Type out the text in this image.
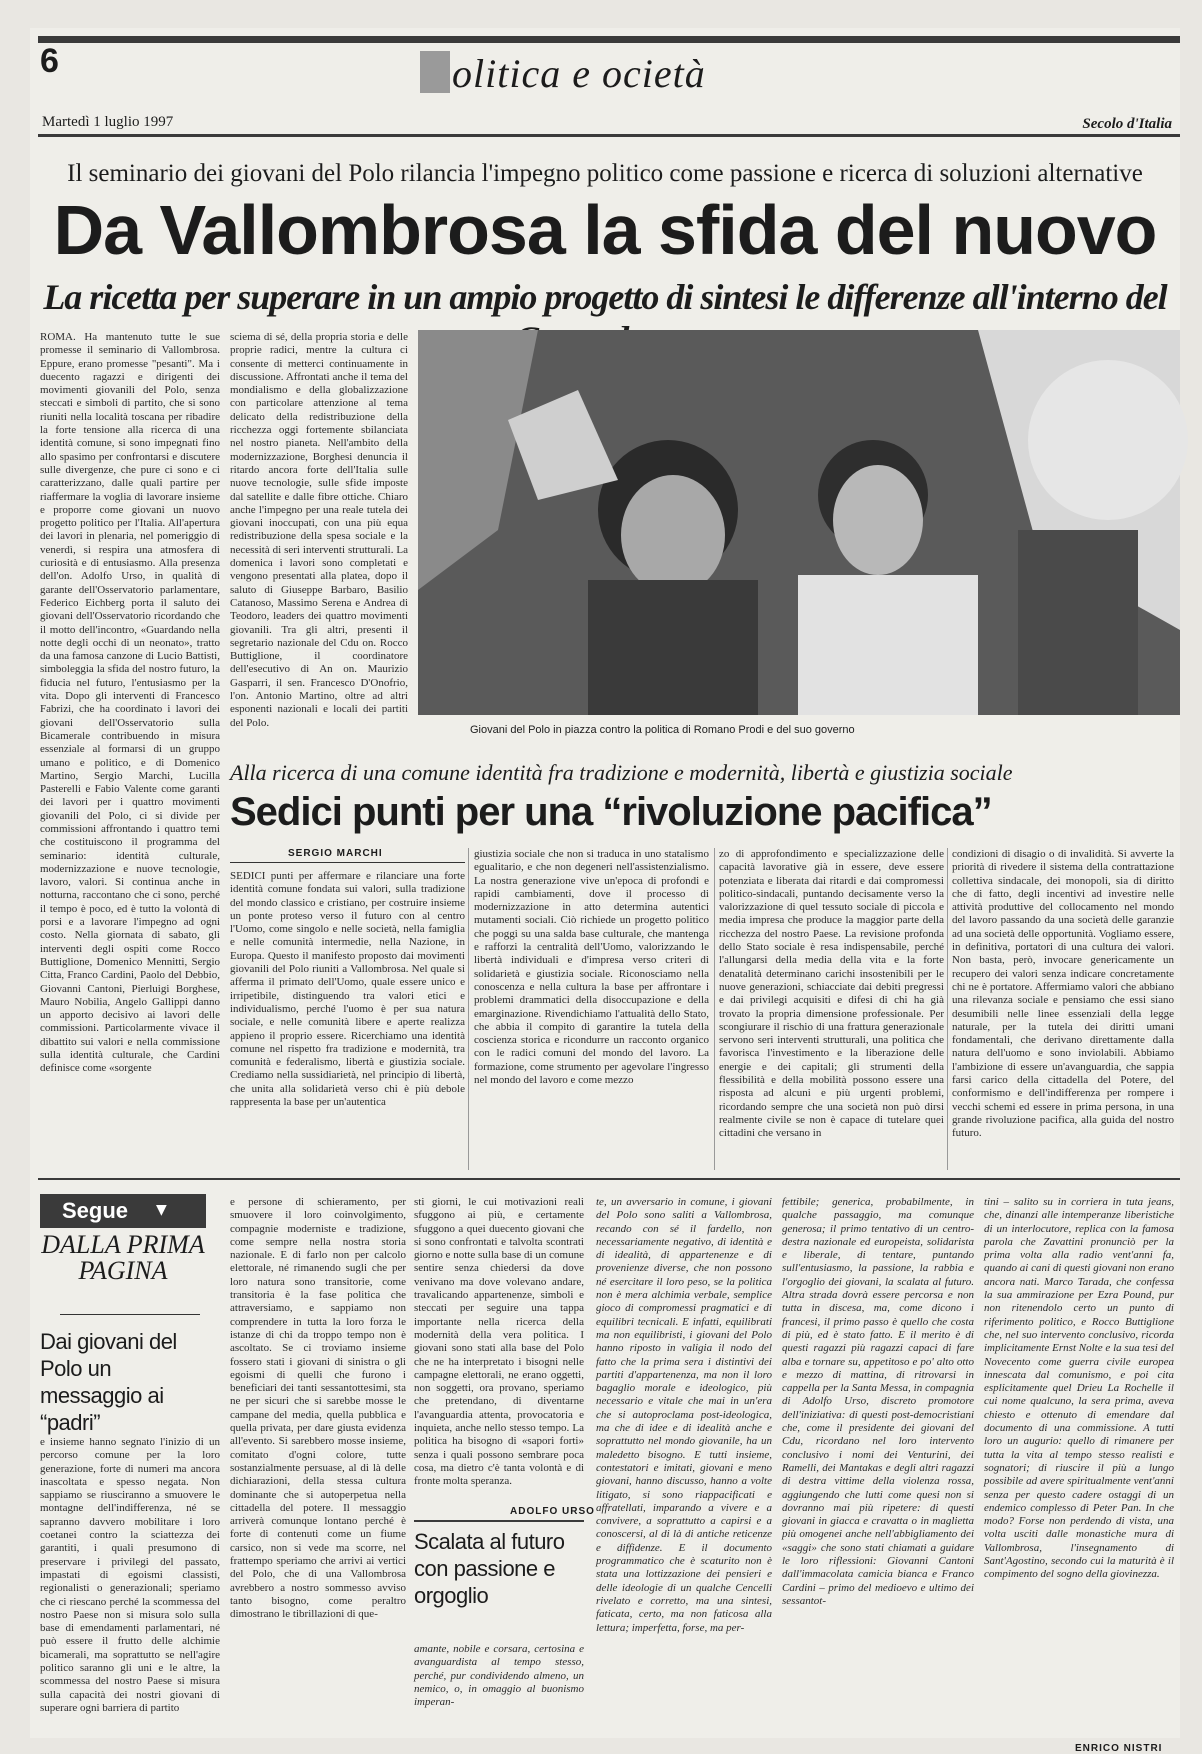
6	olitica e ocietà
Martedì 1 luglio 1997	Secolo d'Italia
Il seminario dei giovani del Polo rilancia l'impegno politico come passione e ricerca di soluzioni alternative
Da Vallombrosa la sfida del nuovo
La ricetta per superare in un ampio progetto di sintesi le differenze all'interno del
ROMA. Ha mantenuto tutte le sue promesse il seminario di Vallombrosa. Eppure, erano promesse "pesanti". Ma i duecento ragazzi e dirigenti dei movimenti giovanili del Polo, senza steccati e simboli di partito, che si sono riuniti nella località toscana per ribadire la forte tensione alla ricerca di una identità comune, si sono impegnati fino allo spasimo per confrontarsi e discutere sulle divergenze, che pure ci sono e ci caratterizzano, dalle quali partire per riaffermare la voglia di lavorare insieme e proporre come giovani un nuovo progetto politico per l'Italia. All'apertura dei lavori in plenaria, nel pomeriggio di venerdì, si respira una atmosfera di curiosità e di entusiasmo. Alla presenza dell'on. Adolfo Urso, in qualità di garante dell'Osservatorio parlamentare, Federico Eichberg porta il saluto dei giovani dell'Osservatorio ricordando che il motto dell'incontro, «Guardando nella notte degli occhi di un neonato», tratto da una famosa canzone di Lucio Battisti, simboleggia la sfida del nostro futuro, la fiducia nel futuro, l'entusiasmo per la vita. Dopo gli interventi di Francesco Fabrizi, che ha coordinato i lavori dei giovani dell'Osservatorio sulla Bicamerale contribuendo in misura essenziale al formarsi di un gruppo umano e politico, e di Domenico Martino, Sergio Marchi, Lucilla Pasterelli e Fabio Valente come garanti dei lavori per i quattro movimenti giovanili del Polo, ci si divide per commissioni affrontando i quattro temi che costituiscono il programma del seminario: identità culturale, modernizzazione e nuove tecnologie, lavoro, valori. Si continua anche in notturna, raccontano che ci sono, perché il tempo è poco, ed è tutto la volontà di porsi e a lavorare l'impegno ad ogni costo. Nella giornata di sabato, gli interventi degli ospiti come Rocco Buttiglione, Domenico Mennitti, Sergio Citta, Franco Cardini, Paolo del Debbio, Giovanni Cantoni, Pierluigi Borghese, Mauro Nobilia, Angelo Gallippi danno un apporto decisivo ai lavori delle commissioni. Particolarmente vivace il dibattito sui valori e nella commissione sulla identità culturale, che Cardini definisce come «sorgente
sciema di sé, della propria storia e delle proprie radici, mentre la cultura ci consente di metterci continuamente in discussione. Affrontati anche il tema del mondialismo e della globalizzazione con particolare attenzione al tema delicato della redistribuzione della ricchezza oggi fortemente sbilanciata nel nostro pianeta. Nell'ambito della modernizzazione, Borghesi denuncia il ritardo ancora forte dell'Italia sulle nuove tecnologie, sulle sfide imposte dal satellite e dalle fibre ottiche. Chiaro anche l'impegno per una reale tutela dei giovani inoccupati, con una più equa redistribuzione della spesa sociale e la necessità di seri interventi strutturali. La domenica i lavori sono completati e vengono presentati alla platea, dopo il saluto di Giuseppe Barbaro, Basilio Catanoso, Massimo Serena e Andrea di Teodoro, leaders dei quattro movimenti giovanili. Tra gli altri, presenti il segretario nazionale del Cdu on. Rocco Buttiglione, il coordinatore dell'esecutivo di An on. Maurizio Gasparri, il sen. Francesco D'Onofrio, l'on. Antonio Martino, oltre ad altri esponenti nazionali e locali dei partiti del Polo.
Giovani del Polo in piazza contro la politica di Romano Prodi e del suo governo
Alla ricerca di una comune identità fra tradizione e modernità, libertà e giustizia sociale
Sedici punti per una “rivoluzione pacifica”
SERGIO MARCHI
SEDICI punti per affermare e rilanciare una forte identità comune fondata sui valori, sulla tradizione del mondo classico e cristiano, per costruire insieme un ponte proteso verso il futuro con al centro l'Uomo, come singolo e nelle società, nella famiglia e nelle comunità intermedie, nella Nazione, in Europa. Questo il manifesto proposto dai movimenti giovanili del Polo riuniti a Vallombrosa. Nel quale si afferma il primato dell'Uomo, quale essere unico e irripetibile, distinguendo tra valori etici e individualismo, perché l'uomo è per sua natura sociale, e nelle comunità libere e aperte realizza appieno il proprio essere. Ricerchiamo una identità comune nel rispetto fra tradizione e modernità, tra comunità e federalismo, libertà e giustizia sociale. Crediamo nella sussidiarietà, nel principio di libertà, che unita alla solidarietà verso chi è più debole rappresenta la base per un'autentica
giustizia sociale che non si traduca in uno statalismo egualitario, e che non degeneri nell'assistenzialismo. La nostra generazione vive un'epoca di profondi e rapidi cambiamenti, dove il processo di modernizzazione in atto determina autentici mutamenti sociali. Ciò richiede un progetto politico che poggi su una salda base culturale, che mantenga e rafforzi la centralità dell'Uomo, valorizzando le libertà individuali e d'impresa verso criteri di solidarietà e giustizia sociale. Riconosciamo nella conoscenza e nella cultura la base per affrontare i problemi drammatici della disoccupazione e della emarginazione. Rivendichiamo l'attualità dello Stato, che abbia il compito di garantire la tutela della coscienza storica e ricondurre un racconto organico con le radici comuni del mondo del lavoro. La formazione, come strumento per agevolare l'ingresso nel mondo del lavoro e come mezzo
zo di approfondimento e specializzazione delle capacità lavorative già in essere, deve essere potenziata e liberata dai ritardi e dai compromessi politico-sindacali, puntando decisamente verso la valorizzazione di quel tessuto sociale di piccola e media impresa che produce la maggior parte della ricchezza del nostro Paese. La revisione profonda dello Stato sociale è resa indispensabile, perché l'allungarsi della media della vita e la forte denatalità determinano carichi insostenibili per le nuove generazioni, schiacciate dai debiti pregressi e dai privilegi acquisiti e difesi di chi ha già trovato la propria dimensione professionale. Per scongiurare il rischio di una frattura generazionale servono seri interventi strutturali, una politica che favorisca l'investimento e la liberazione delle energie e dei capitali; gli strumenti della flessibilità e della mobilità possono essere una risposta ad alcuni e più urgenti problemi, ricordando sempre che una società non può dirsi realmente civile se non è capace di tutelare quei cittadini che versano in
condizioni di disagio o di invalidità. Si avverte la priorità di rivedere il sistema della contrattazione collettiva sindacale, dei monopoli, sia di diritto che di fatto, degli incentivi ad investire nelle attività produttive del collocamento nel mondo del lavoro passando da una società delle garanzie ad una società delle opportunità. Vogliamo essere, in definitiva, portatori di una cultura dei valori. Non basta, però, invocare genericamente un recupero dei valori senza indicare concretamente chi ne è portatore. Affermiamo valori che abbiano una rilevanza sociale e pensiamo che essi siano desumibili nelle linee essenziali della legge naturale, per la tutela dei diritti umani fondamentali, che derivano direttamente dalla natura dell'uomo e sono inviolabili. Abbiamo l'ambizione di essere un'avanguardia, che sappia farsi carico della cittadella del Potere, del conformismo e dell'indifferenza per rompere i vecchi schemi ed essere in prima persona, in una grande rivoluzione pacifica, alla guida del nostro futuro.
Segue	▼
DALLA PRIMA PAGINA
Dai giovani del Polo un messaggio ai “padri”
e insieme hanno segnato l'inizio di un percorso comune per la loro generazione, forte di numeri ma ancora inascoltata e spesso negata. Non sappiamo se riusciranno a smuovere le montagne dell'indifferenza, né se sapranno davvero mobilitare i loro coetanei contro la sciattezza dei garantiti, i quali presumono di preservare i privilegi del passato, impastati di egoismi classisti, regionalisti o generazionali; speriamo che ci riescano perché la scommessa del nostro Paese non si misura solo sulla base di emendamenti parlamentari, né può essere il frutto delle alchimie bicamerali, ma soprattutto se nell'agire politico saranno gli uni e le altre, la scommessa del nostro Paese si misura sulla capacità dei nostri giovani di superare ogni barriera di partito
e persone di schieramento, per smuovere il loro coinvolgimento, compagnie moderniste e tradizione, come sempre nella nostra storia nazionale. E di farlo non per calcolo elettorale, né rimanendo sugli che per loro natura sono transitorie, come transitoria è la fase politica che attraversiamo, e sappiamo non comprendere in tutta la loro forza le istanze di chi da troppo tempo non è ascoltato. Se ci troviamo insieme fossero stati i giovani di sinistra o gli egoismi di quelli che furono i beneficiari dei tanti sessantottesimi, sta ne per sicuri che si sarebbe mosse le campane del media, quella pubblica e quella privata, per dare giusta evidenza all'evento. Si sarebbero mosse insieme, comitato d'ogni colore, tutte sostanzialmente persuase, al di là delle dichiarazioni, della stessa cultura dominante che si autoperpetua nella cittadella del potere. Il messaggio arriverà comunque lontano perché è forte di contenuti come un fiume carsico, non si vede ma scorre, nel frattempo speriamo che arrivi ai vertici del Polo, che di una Vallombrosa avrebbero a nostro sommesso avviso tanto bisogno, come peraltro dimostrano le tibrillazioni di que-
sti giorni, le cui motivazioni reali sfuggono ai più, e certamente sfuggono a quei duecento giovani che si sono confrontati e talvolta scontrati giorno e notte sulla base di un comune sentire senza chiedersi da dove venivano ma dove volevano andare, travalicando appartenenze, simboli e steccati per seguire una tappa importante nella ricerca della modernità della vera politica. I giovani sono stati alla base del Polo che ne ha interpretato i bisogni nelle campagne elettorali, ne erano oggetti, non soggetti, ora provano, speriamo che pretendano, di diventarne l'avanguardia attenta, provocatoria e inquieta, anche nello stesso tempo. La politica ha bisogno di «sapori forti» senza i quali possono sembrare poca cosa, ma dietro c'è tanta volontà e di fronte molta speranza.
ADOLFO URSO
Scalata al futuro con passione e orgoglio
amante, nobile e corsara, certosina e avanguardista al tempo stesso, perché, pur condividendo almeno, un nemico, o, in omaggio al buonismo imperan-
te, un avversario in comune, i giovani del Polo sono saliti a Vallombrosa, recando con sé il fardello, non necessariamente negativo, di identità e di idealità, di appartenenze e di provenienze diverse, che non possono né esercitare il loro peso, se la politica non è mera alchimia verbale, semplice gioco di compromessi pragmatici e di equilibri tecnicali. E infatti, equilibrati ma non equilibristi, i giovani del Polo hanno riposto in valigia il nodo del fatto che la prima sera i distintivi dei partiti d'appartenenza, ma non il loro bagaglio morale e ideologico, più necessario e vitale che mai in un'era che si autoproclama post-ideologica, ma che di idee e di idealità anche e soprattutto nel mondo giovanile, ha un maledetto bisogno. E tutti insieme, contestatori e imitati, giovani e meno giovani, hanno discusso, hanno a volte litigato, si sono riappacificati e affratellati, imparando a vivere e a convivere, a soprattutto a capirsi e a conoscersi, al di là di antiche reticenze e diffidenze. E il documento programmatico che è scaturito non è stata una lottizzazione dei pensieri e delle ideologie di un qualche Cencelli rivelato e corretto, ma una sintesi, faticata, certo, ma non faticosa alla lettura; imperfetta, forse, ma per-
fettibile; generica, probabilmente, in qualche passaggio, ma comunque generosa; il primo tentativo di un centro-destra nazionale ed europeista, solidarista e liberale, di tentare, puntando sull'entusiasmo, la passione, la rabbia e l'orgoglio dei giovani, la scalata al futuro. Altra strada dovrà essere percorsa e non tutta in discesa, ma, come dicono i francesi, il primo passo è quello che costa di più, ed è stato fatto. E il merito è di questi ragazzi più ragazzi capaci di fare alba e tornare su, appetitoso e po' alto otto e mezzo di mattina, di ritrovarsi in cappella per la Santa Messa, in compagnia di Adolfo Urso, discreto promotore dell'iniziativa: di questi post-democristiani che, come il presidente dei giovani del Cdu, ricordano nel loro intervento conclusivo i nomi dei Venturini, dei Ramelli, dei Mantakas e degli altri ragazzi di destra vittime della violenza rossa, aggiungendo che lutti come quesi non si dovranno mai più ripetere: di questi giovani in giacca e cravatta o in maglietta più omogenei anche nell'abbigliamento dei «saggi» che sono stati chiamati a guidare le loro riflessioni: Giovanni Cantoni dall'immacolata camicia bianca e Franco Cardini – primo del medioevo e ultimo dei sessantot-
tini – salito su in corriera in tuta jeans, che, dinanzi alle intemperanze liberistiche di un interlocutore, replica con la famosa parola che Zavattini pronunciò per la prima volta alla radio vent'anni fa, quando ai cani di questi giovani non erano ancora nati. Marco Tarada, che confessa la sua ammirazione per Ezra Pound, pur non ritenendolo certo un punto di riferimento politico, e Rocco Buttiglione che, nel suo intervento conclusivo, ricorda implicitamente Ernst Nolte e la sua tesi del Novecento come guerra civile europea innescata dal comunismo, e poi cita esplicitamente quel Drieu La Rochelle il cui nome qualcuno, la sera prima, aveva chiesto e ottenuto di emendare dal documento di una commissione. A tutti loro un augurio: quello di rimanere per tutta la vita al tempo stesso realisti e sognatori; di riuscire il più a lungo possibile ad avere spiritualmente vent'anni senza per questo cadere ostaggi di un endemico complesso di Peter Pan. In che modo? Forse non perdendo di vista, una volta usciti dalle monastiche mura di Vallombrosa, l'insegnamento di Sant'Agostino, secondo cui la maturità è il compimento del sogno della giovinezza.
ENRICO NISTRI
